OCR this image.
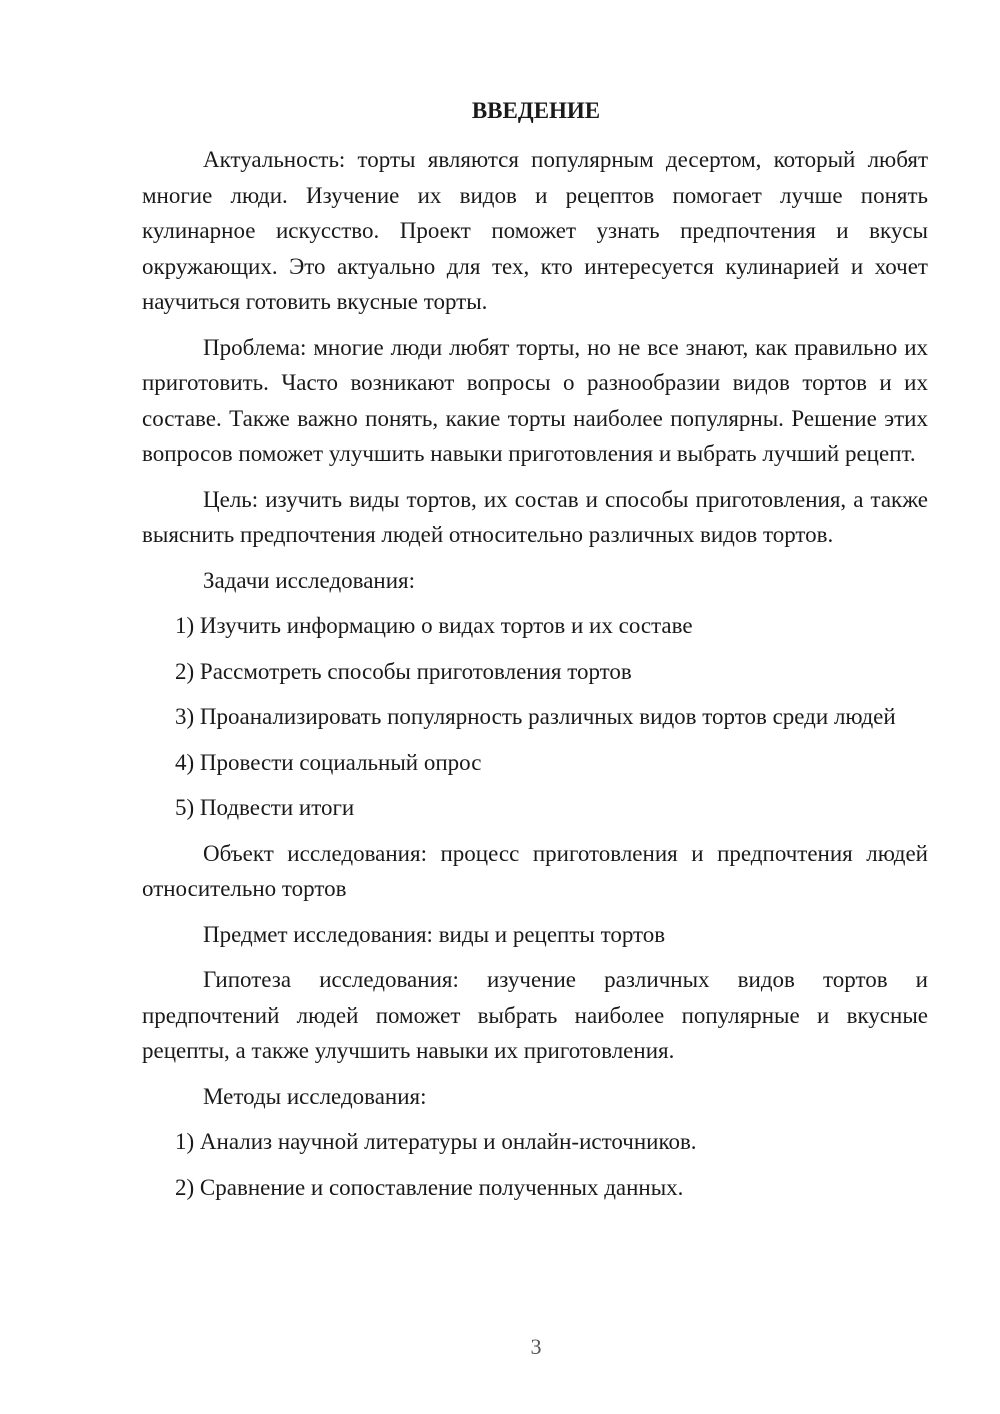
ВВЕДЕНИЕ

Актуальность: торты являются популярным десертом, который любят многие люди. Изучение их видов и рецептов помогает лучше понять кулинарное искусство. Проект поможет узнать предпочтения и вкусы окружающих. Это актуально для тех, кто интересуется кулинарией и хочет научиться готовить вкусные торты.

Проблема: многие люди любят торты, но не все знают, как правильно их приготовить. Часто возникают вопросы о разнообразии видов тортов и их составе. Также важно понять, какие торты наиболее популярны. Решение этих вопросов поможет улучшить навыки приготовления и выбрать лучший рецепт.

Цель: изучить виды тортов, их состав и способы приготовления, а также выяснить предпочтения людей относительно различных видов тортов.

Задачи исследования:

1) Изучить информацию о видах тортов и их составе

2) Рассмотреть способы приготовления тортов

3) Проанализировать популярность различных видов тортов среди людей

4) Провести социальный опрос

5) Подвести итоги

Объект исследования: процесс приготовления и предпочтения людей относительно тортов

Предмет исследования: виды и рецепты тортов

Гипотеза исследования: изучение различных видов тортов и предпочтений людей поможет выбрать наиболее популярные и вкусные рецепты, а также улучшить навыки их приготовления.

Методы исследования:

1) Анализ научной литературы и онлайн-источников.

2) Сравнение и сопоставление полученных данных.

3
